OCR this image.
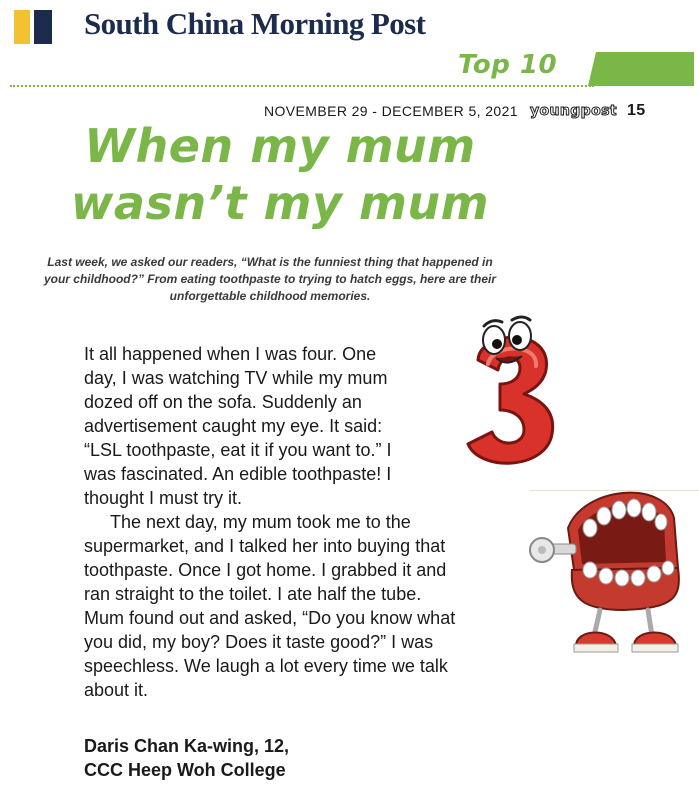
South China Morning Post
Top 10
NOVEMBER 29 - DECEMBER 5, 2021 youngpost 15
When my mum
wasn’t my mum
Last week, we asked our readers, “What is the funniest thing that happened in your childhood?” From eating toothpaste to trying to hatch eggs, here are their unforgettable childhood memories.

It all happened when I was four. One
day, I was watching TV while my mum
dozed off on the sofa. Suddenly an
advertisement caught my eye. It said:
“LSL toothpaste, eat it if you want to.” I
was fascinated. An edible toothpaste! I
thought I must try it.

The next day, my mum took me to the
supermarket, and I talked her into buying that
toothpaste. Once I got home. I grabbed it and
ran straight to the toilet. I ate half the tube.
Mum found out and asked, “Do you know what
you did, my boy? Does it taste good?” I was
speechless. We laugh a lot every time we talk
about it.

Daris Chan Ka-wing, 12,
CCC Heep Woh College
